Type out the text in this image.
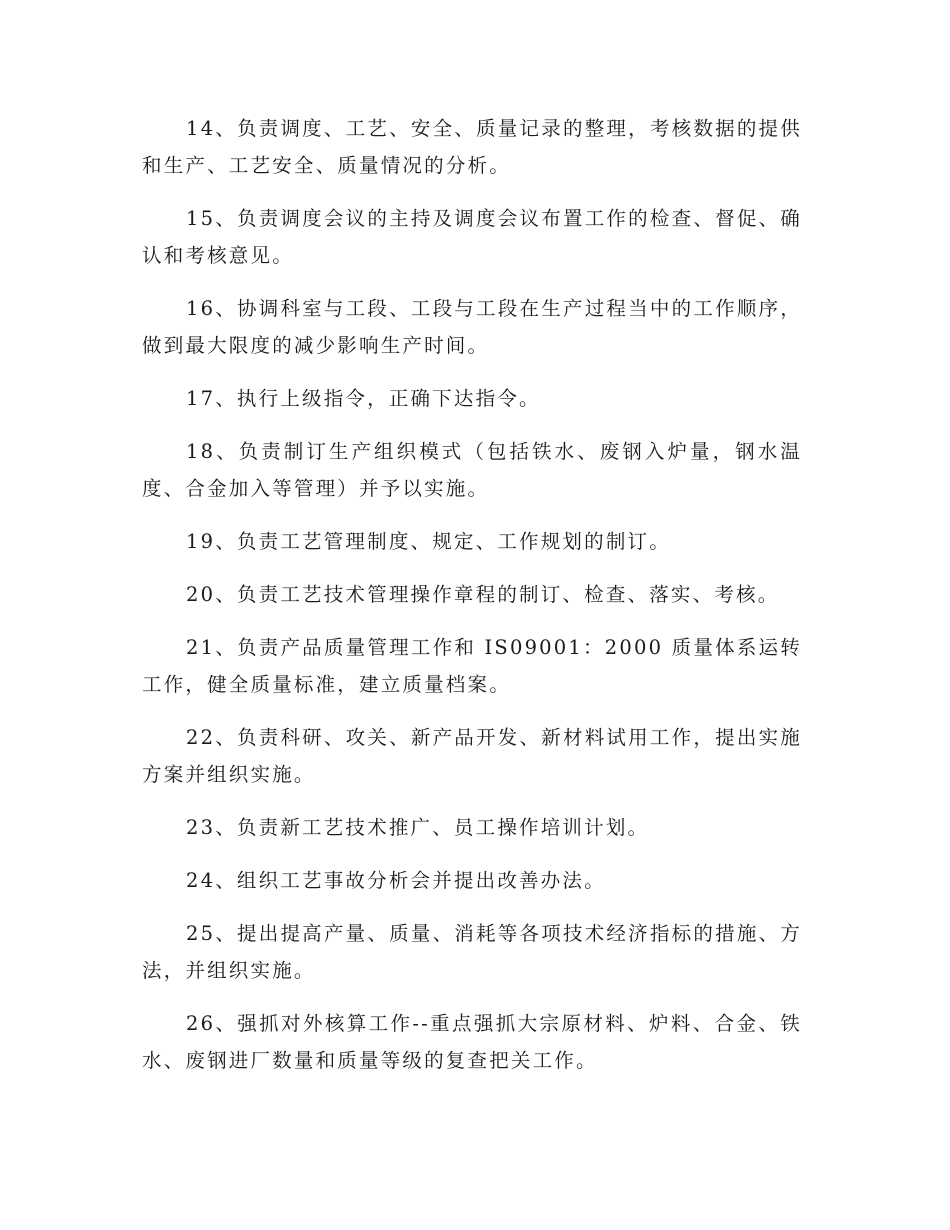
14、负责调度、工艺、安全、质量记录的整理，考核数据的提供和生产、工艺安全、质量情况的分析。

15、负责调度会议的主持及调度会议布置工作的检查、督促、确认和考核意见。

16、协调科室与工段、工段与工段在生产过程当中的工作顺序，做到最大限度的减少影响生产时间。

17、执行上级指令，正确下达指令。

18、负责制订生产组织模式（包括铁水、废钢入炉量，钢水温度、合金加入等管理）并予以实施。

19、负责工艺管理制度、规定、工作规划的制订。

20、负责工艺技术管理操作章程的制订、检查、落实、考核。

21、负责产品质量管理工作和 IS09001：2000 质量体系运转工作，健全质量标准，建立质量档案。

22、负责科研、攻关、新产品开发、新材料试用工作，提出实施方案并组织实施。

23、负责新工艺技术推广、员工操作培训计划。

24、组织工艺事故分析会并提出改善办法。

25、提出提高产量、质量、消耗等各项技术经济指标的措施、方法，并组织实施。

26、强抓对外核算工作--重点强抓大宗原材料、炉料、合金、铁水、废钢进厂数量和质量等级的复查把关工作。
